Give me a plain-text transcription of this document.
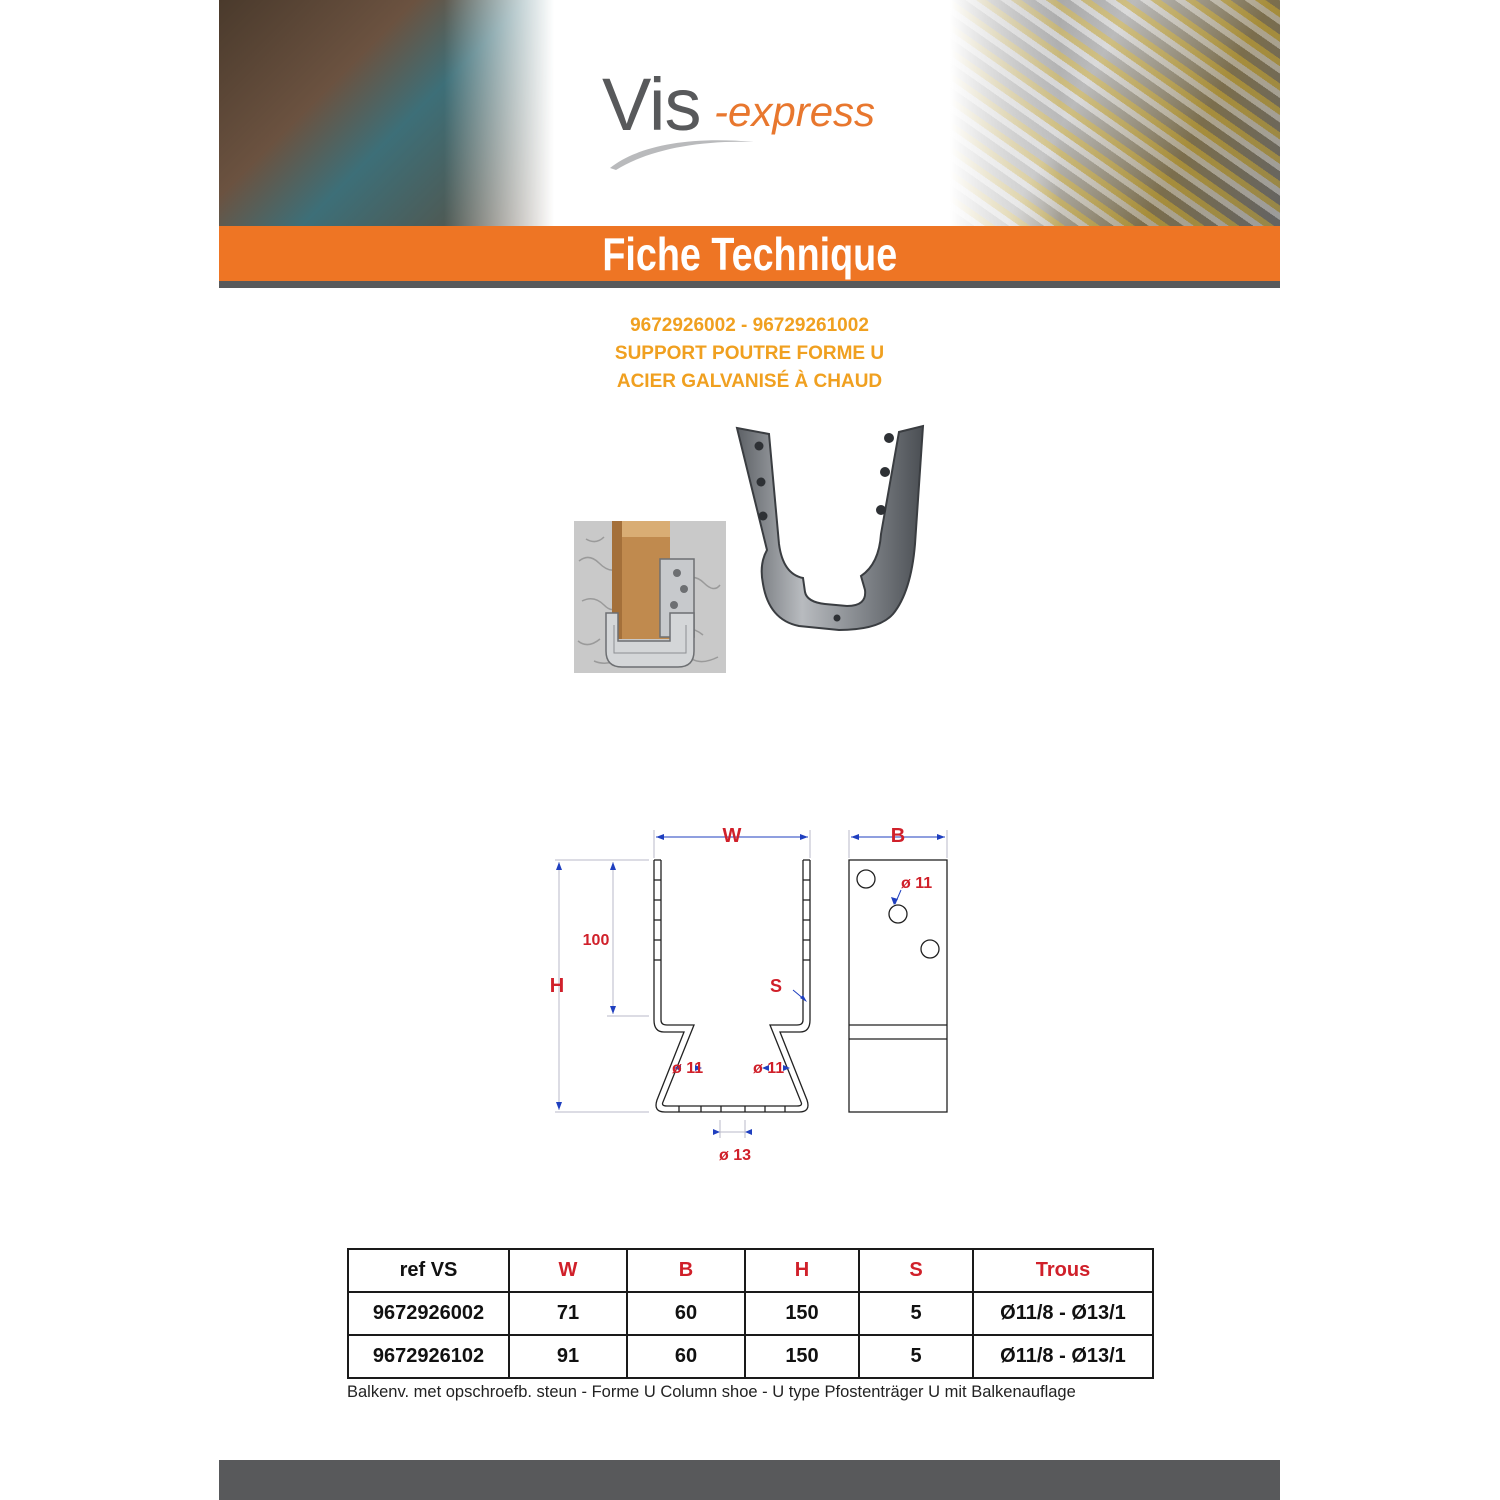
Vis -express
Fiche Technique
9672926002 - 96729261002
SUPPORT POUTRE FORME U
ACIER GALVANISÉ À CHAUD
W	B
H	S
100
ø 11
ø 11	ø 11
ø 13
ref VS	W	B	H	S	Trous
9672926002	71	60	150	5	Ø11/8 - Ø13/1
9672926102	91	60	150	5	Ø11/8 - Ø13/1
Balkenv. met opschroefb. steun - Forme U Column shoe - U type Pfostenträger U mit Balkenauflage
